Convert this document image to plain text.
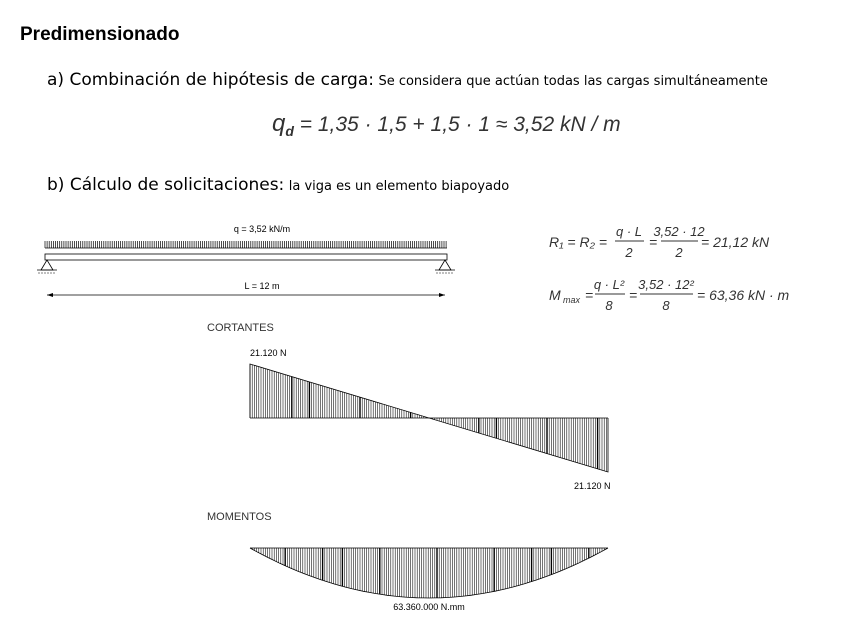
Predimensionado
a) Combinación de hipótesis de carga: Se considera que actúan todas las cargas simultáneamente
$q_d = 1,35 \cdot 1,5 + 1,5 \cdot 1 \approx 3,52$ kN / m
b) Cálculo de solicitaciones: la viga es un elemento biapoyado
q = 3,52 kN/m
L = 12 m
R₁ = R₂ =
q · L
2
=
3,52 · 12
2
= 21,12 kN
M max =
q · L²
8
=
3,52 · 12²
8
= 63,36 kN · m
CORTANTES
21.120 N
21.120 N
MOMENTOS
63.360.000 N.mm
